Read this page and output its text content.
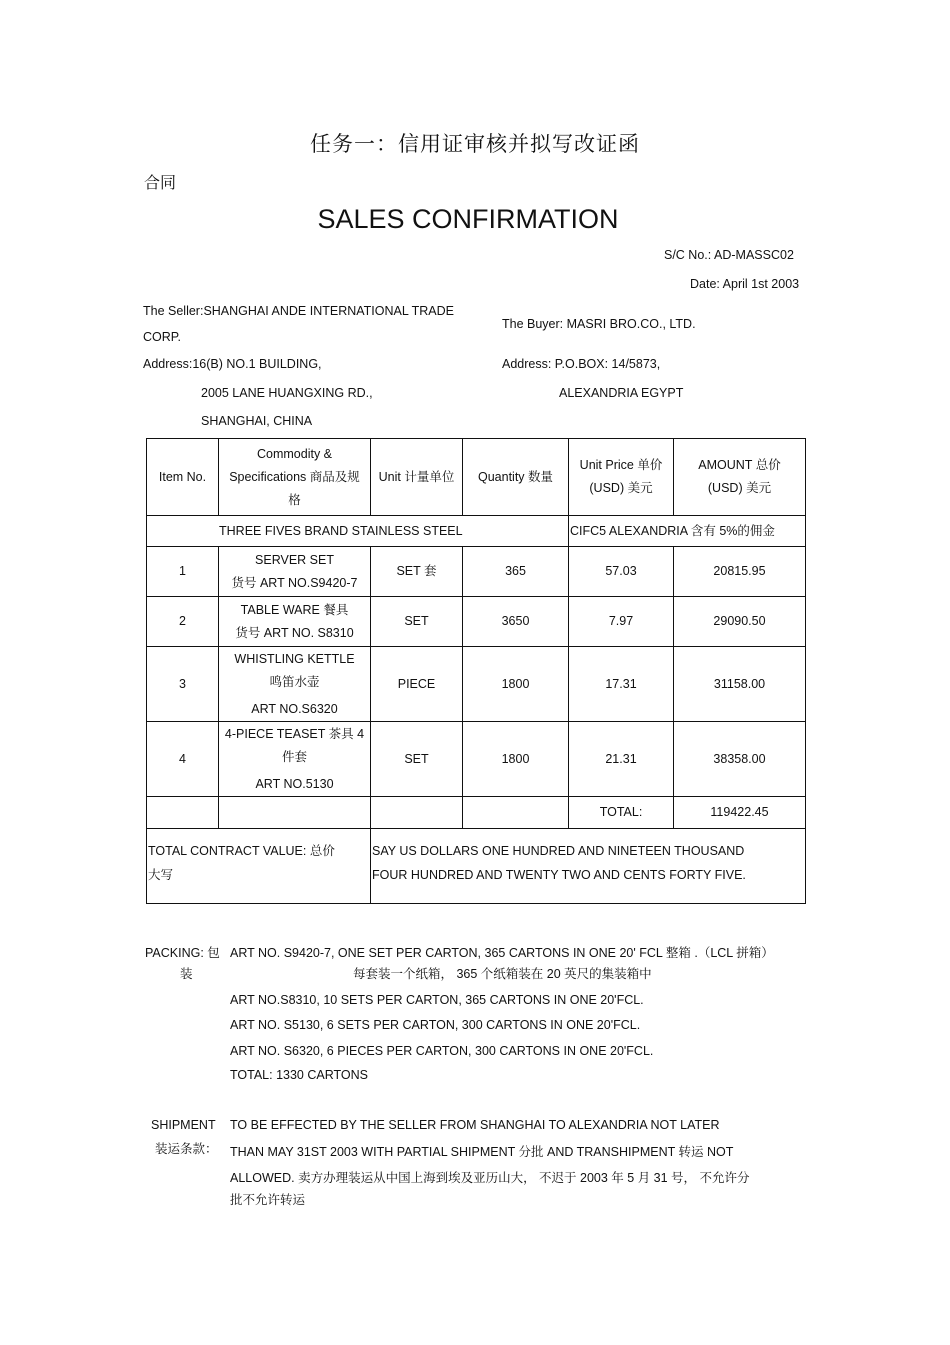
任务一：信用证审核并拟写改证函
合同
SALES CONFIRMATION
S/C No.: AD-MASSC02
Date: April 1st 2003
The Seller:SHANGHAI ANDE INTERNATIONAL TRADE
CORP.
The Buyer: MASRI BRO.CO., LTD.
Address:16(B) NO.1 BUILDING,
2005 LANE HUANGXING RD.,
SHANGHAI, CHINA
Address: P.O.BOX: 14/5873,
ALEXANDRIA EGYPT
Item No.	Commodity &
Specifications 商品及规
格	Unit 计量单位	Quantity 数量	Unit Price 单价
(USD) 美元	AMOUNT 总价
(USD) 美元

THREE FIVES BRAND STAINLESS STEEL				CIFC5 ALEXANDRIA 含有 5%的佣金	
1	SERVER SET
货号 ART NO.S9420-7	SET 套	365	57.03	20815.95
2	TABLE WARE 餐具
货号 ART NO. S8310	SET	3650	7.97	29090.50
3	WHISTLING KETTLE
鸣笛水壶
ART NO.S6320	PIECE	1800	17.31	31158.00
4	4-PIECE TEASET 茶具 4
件套
ART NO.5130	SET	1800	21.31	38358.00
				TOTAL:	119422.45

TOTAL CONTRACT VALUE: 总价
大写		SAY US DOLLARS ONE HUNDRED AND NINETEEN THOUSAND
FOUR HUNDRED AND TWENTY TWO AND CENTS FORTY FIVE.			
PACKING: 包
装
ART NO. S9420-7, ONE SET PER CARTON, 365 CARTONS IN ONE 20' FCL 整箱 .（LCL 拼箱）
每套装一个纸箱， 365 个纸箱装在 20 英尺的集装箱中
ART NO.S8310, 10 SETS PER CARTON, 365 CARTONS IN ONE 20'FCL.
ART NO. S5130, 6 SETS PER CARTON, 300 CARTONS IN ONE 20'FCL.
ART NO. S6320, 6 PIECES PER CARTON, 300 CARTONS IN ONE 20'FCL.
TOTAL: 1330 CARTONS
SHIPMENT
装运条款：
TO BE EFFECTED BY THE SELLER FROM SHANGHAI TO ALEXANDRIA NOT LATER
THAN MAY 31ST 2003 WITH PARTIAL SHIPMENT 分批 AND TRANSHIPMENT 转运 NOT
ALLOWED. 卖方办理装运从中国上海到埃及亚历山大， 不迟于 2003 年 5 月 31 号， 不允许分
批不允许转运
